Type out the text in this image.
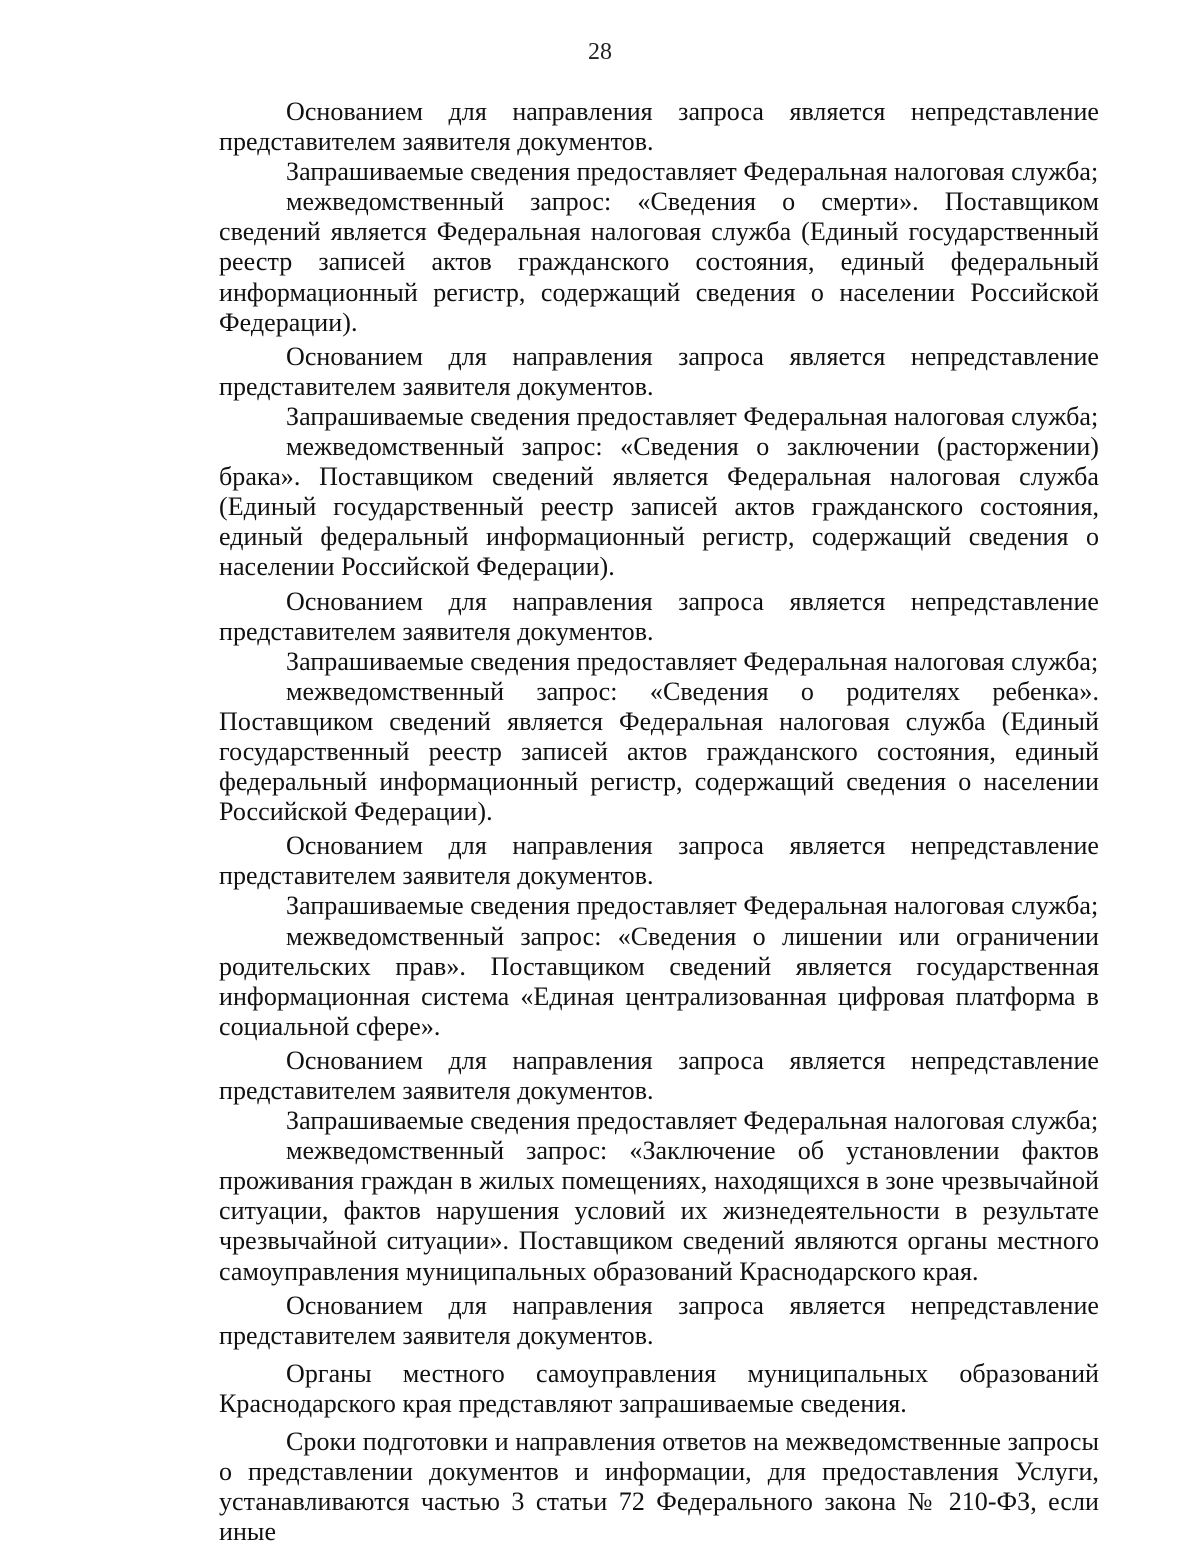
28

Основанием для направления запроса является непредставление представителем заявителя документов.

Запрашиваемые сведения предоставляет Федеральная налоговая служба;

межведомственный запрос: «Сведения о смерти». Поставщиком сведений является Федеральная налоговая служба (Единый государственный реестр записей актов гражданского состояния, единый федеральный информационный регистр, содержащий сведения о населении Российской Федерации).

Основанием для направления запроса является непредставление представителем заявителя документов.

Запрашиваемые сведения предоставляет Федеральная налоговая служба;

межведомственный запрос: «Сведения о заключении (расторжении) брака». Поставщиком сведений является Федеральная налоговая служба (Единый государственный реестр записей актов гражданского состояния, единый федеральный информационный регистр, содержащий сведения о населении Российской Федерации).

Основанием для направления запроса является непредставление представителем заявителя документов.

Запрашиваемые сведения предоставляет Федеральная налоговая служба;

межведомственный запрос: «Сведения о родителях ребенка». Поставщиком сведений является Федеральная налоговая служба (Единый государственный реестр записей актов гражданского состояния, единый федеральный информационный регистр, содержащий сведения о населении Российской Федерации).

Основанием для направления запроса является непредставление представителем заявителя документов.

Запрашиваемые сведения предоставляет Федеральная налоговая служба;

межведомственный запрос: «Сведения о лишении или ограничении родительских прав». Поставщиком сведений является государственная информационная система «Единая централизованная цифровая платформа в социальной сфере».

Основанием для направления запроса является непредставление представителем заявителя документов.

Запрашиваемые сведения предоставляет Федеральная налоговая служба;

межведомственный запрос: «Заключение об установлении фактов проживания граждан в жилых помещениях, находящихся в зоне чрезвычайной ситуации, фактов нарушения условий их жизнедеятельности в результате чрезвычайной ситуации». Поставщиком сведений являются органы местного самоуправления муниципальных образований Краснодарского края.

Основанием для направления запроса является непредставление представителем заявителя документов.

Органы местного самоуправления муниципальных образований Краснодарского края представляют запрашиваемые сведения.

Сроки подготовки и направления ответов на межведомственные запросы о представлении документов и информации, для предоставления Услуги, устанавливаются частью 3 статьи 72 Федерального закона № 210-ФЗ, если иные
